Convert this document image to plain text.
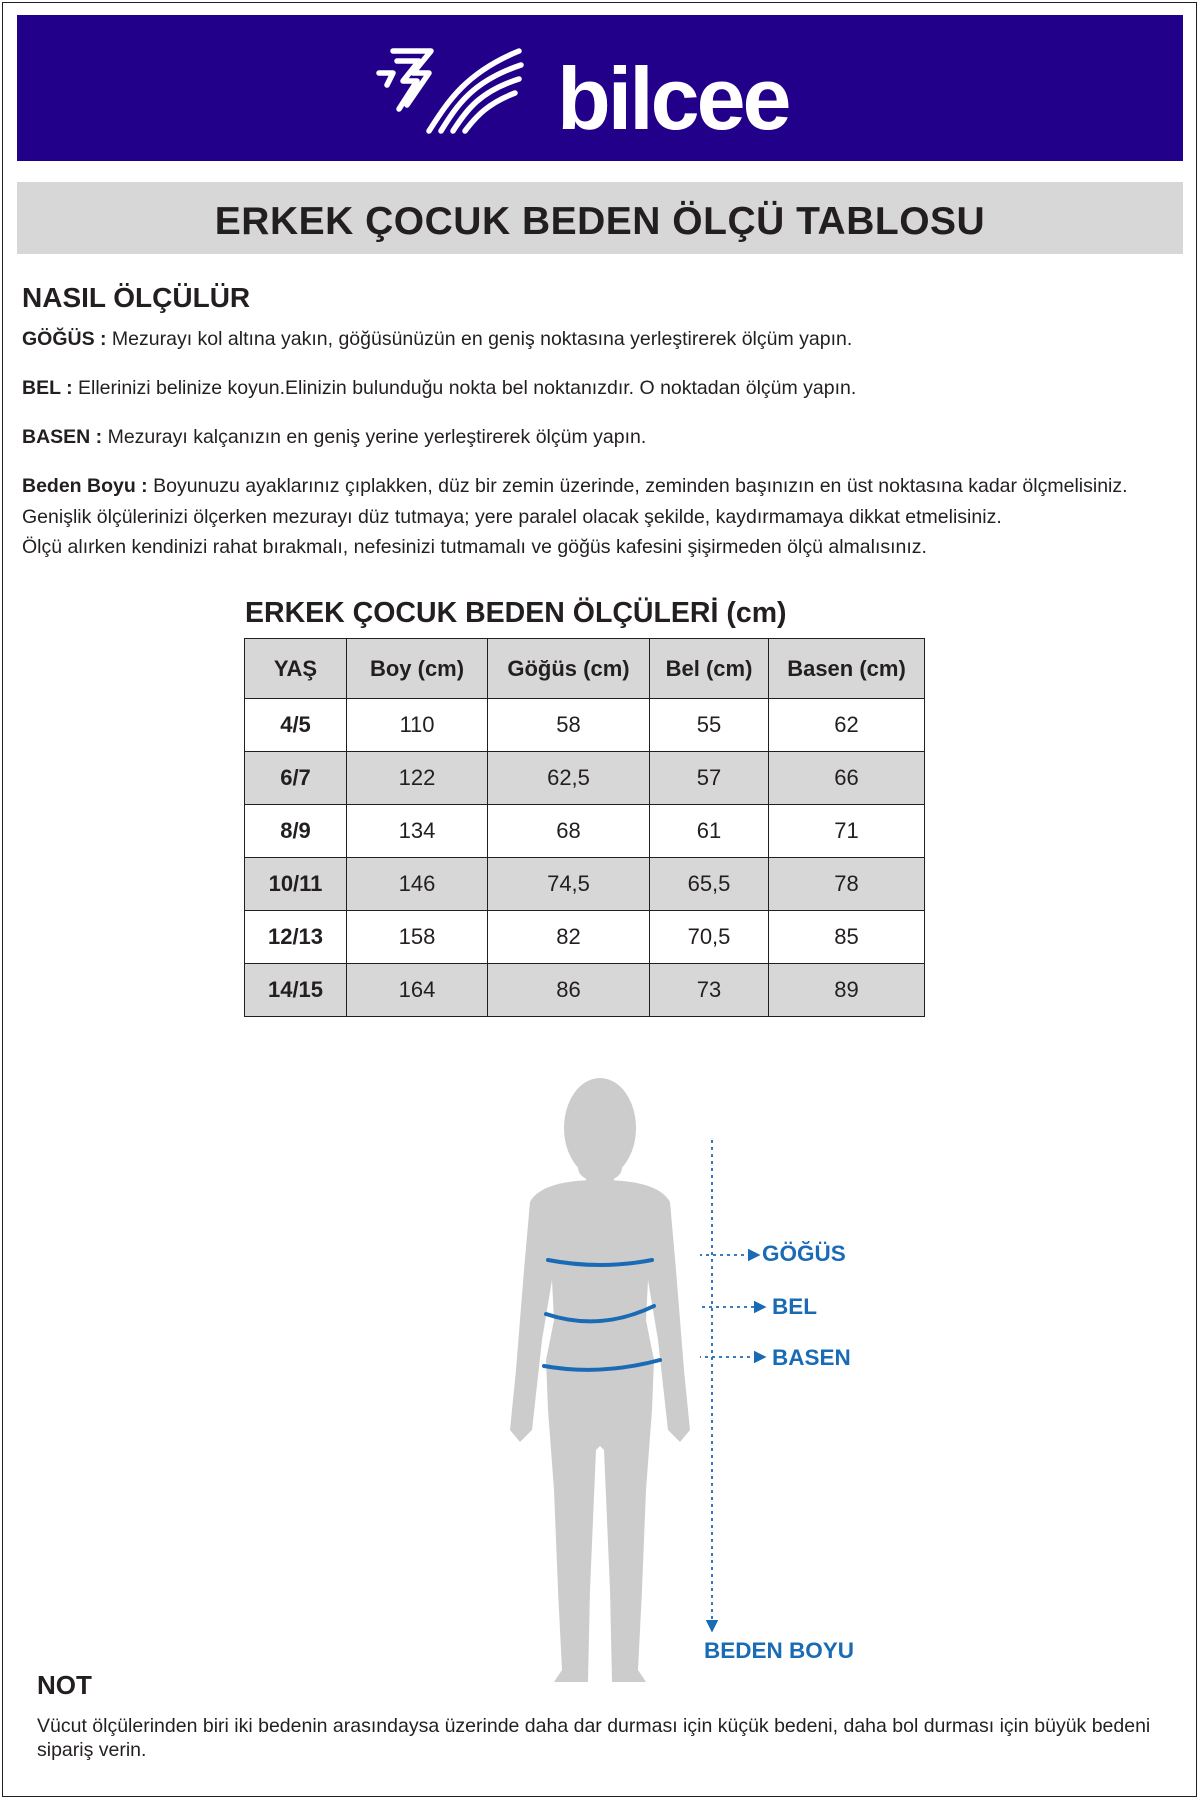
bilcee
ERKEK ÇOCUK BEDEN ÖLÇÜ TABLOSU
NASIL ÖLÇÜLÜR
GÖĞÜS : Mezurayı kol altına yakın, göğüsünüzün en geniş noktasına yerleştirerek ölçüm yapın.
BEL : Ellerinizi belinize koyun.Elinizin bulunduğu nokta bel noktanızdır. O noktadan ölçüm yapın.
BASEN : Mezurayı kalçanızın en geniş yerine yerleştirerek ölçüm yapın.
Beden Boyu : Boyunuzu ayaklarınız çıplakken, düz bir zemin üzerinde, zeminden başınızın en üst noktasına kadar ölçmelisiniz.
Genişlik ölçülerinizi ölçerken mezurayı düz tutmaya; yere paralel olacak şekilde, kaydırmamaya dikkat etmelisiniz.
Ölçü alırken kendinizi rahat bırakmalı, nefesinizi tutmamalı ve göğüs kafesini şişirmeden ölçü almalısınız.
ERKEK ÇOCUK BEDEN ÖLÇÜLERİ (cm)
YAŞ	Boy (cm)	Göğüs (cm)	Bel (cm)	Basen (cm)
4/5	110	58	55	62
6/7	122	62,5	57	66
8/9	134	68	61	71
10/11	146	74,5	65,5	78
12/13	158	82	70,5	85
14/15	164	86	73	89
GÖĞÜS
BEL
BASEN
BEDEN BOYU
NOT
Vücut ölçülerinden biri iki bedenin arasındaysa üzerinde daha dar durması için küçük bedeni, daha bol durması için büyük bedeni sipariş verin.
